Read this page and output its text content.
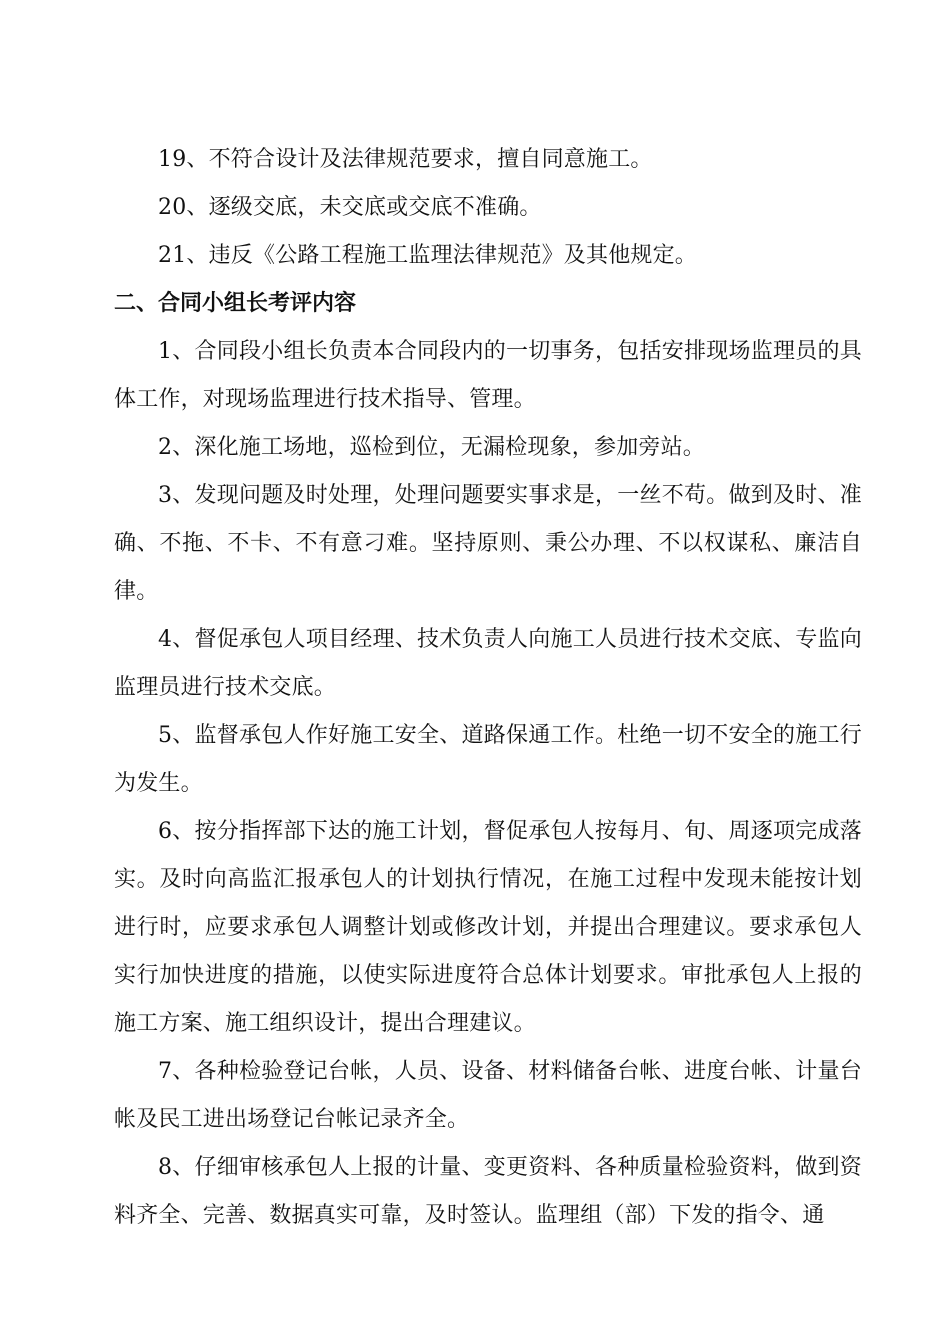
19、不符合设计及法律规范要求，擅自同意施工。

20、逐级交底，未交底或交底不准确。

21、违反《公路工程施工监理法律规范》及其他规定。

二、合同小组长考评内容

1、合同段小组长负责本合同段内的一切事务，包括安排现场监理员的具体工作，对现场监理进行技术指导、管理。

2、深化施工场地，巡检到位，无漏检现象，参加旁站。

3、发现问题及时处理，处理问题要实事求是，一丝不苟。做到及时、准确、不拖、不卡、不有意刁难。坚持原则、秉公办理、不以权谋私、廉洁自律。

4、督促承包人项目经理、技术负责人向施工人员进行技术交底、专监向监理员进行技术交底。

5、监督承包人作好施工安全、道路保通工作。杜绝一切不安全的施工行为发生。

6、按分指挥部下达的施工计划，督促承包人按每月、旬、周逐项完成落实。及时向高监汇报承包人的计划执行情况，在施工过程中发现未能按计划进行时，应要求承包人调整计划或修改计划，并提出合理建议。要求承包人实行加快进度的措施，以使实际进度符合总体计划要求。审批承包人上报的施工方案、施工组织设计，提出合理建议。

7、各种检验登记台帐，人员、设备、材料储备台帐、进度台帐、计量台帐及民工进出场登记台帐记录齐全。

8、仔细审核承包人上报的计量、变更资料、各种质量检验资料，做到资料齐全、完善、数据真实可靠，及时签认。监理组（部）下发的指令、通
